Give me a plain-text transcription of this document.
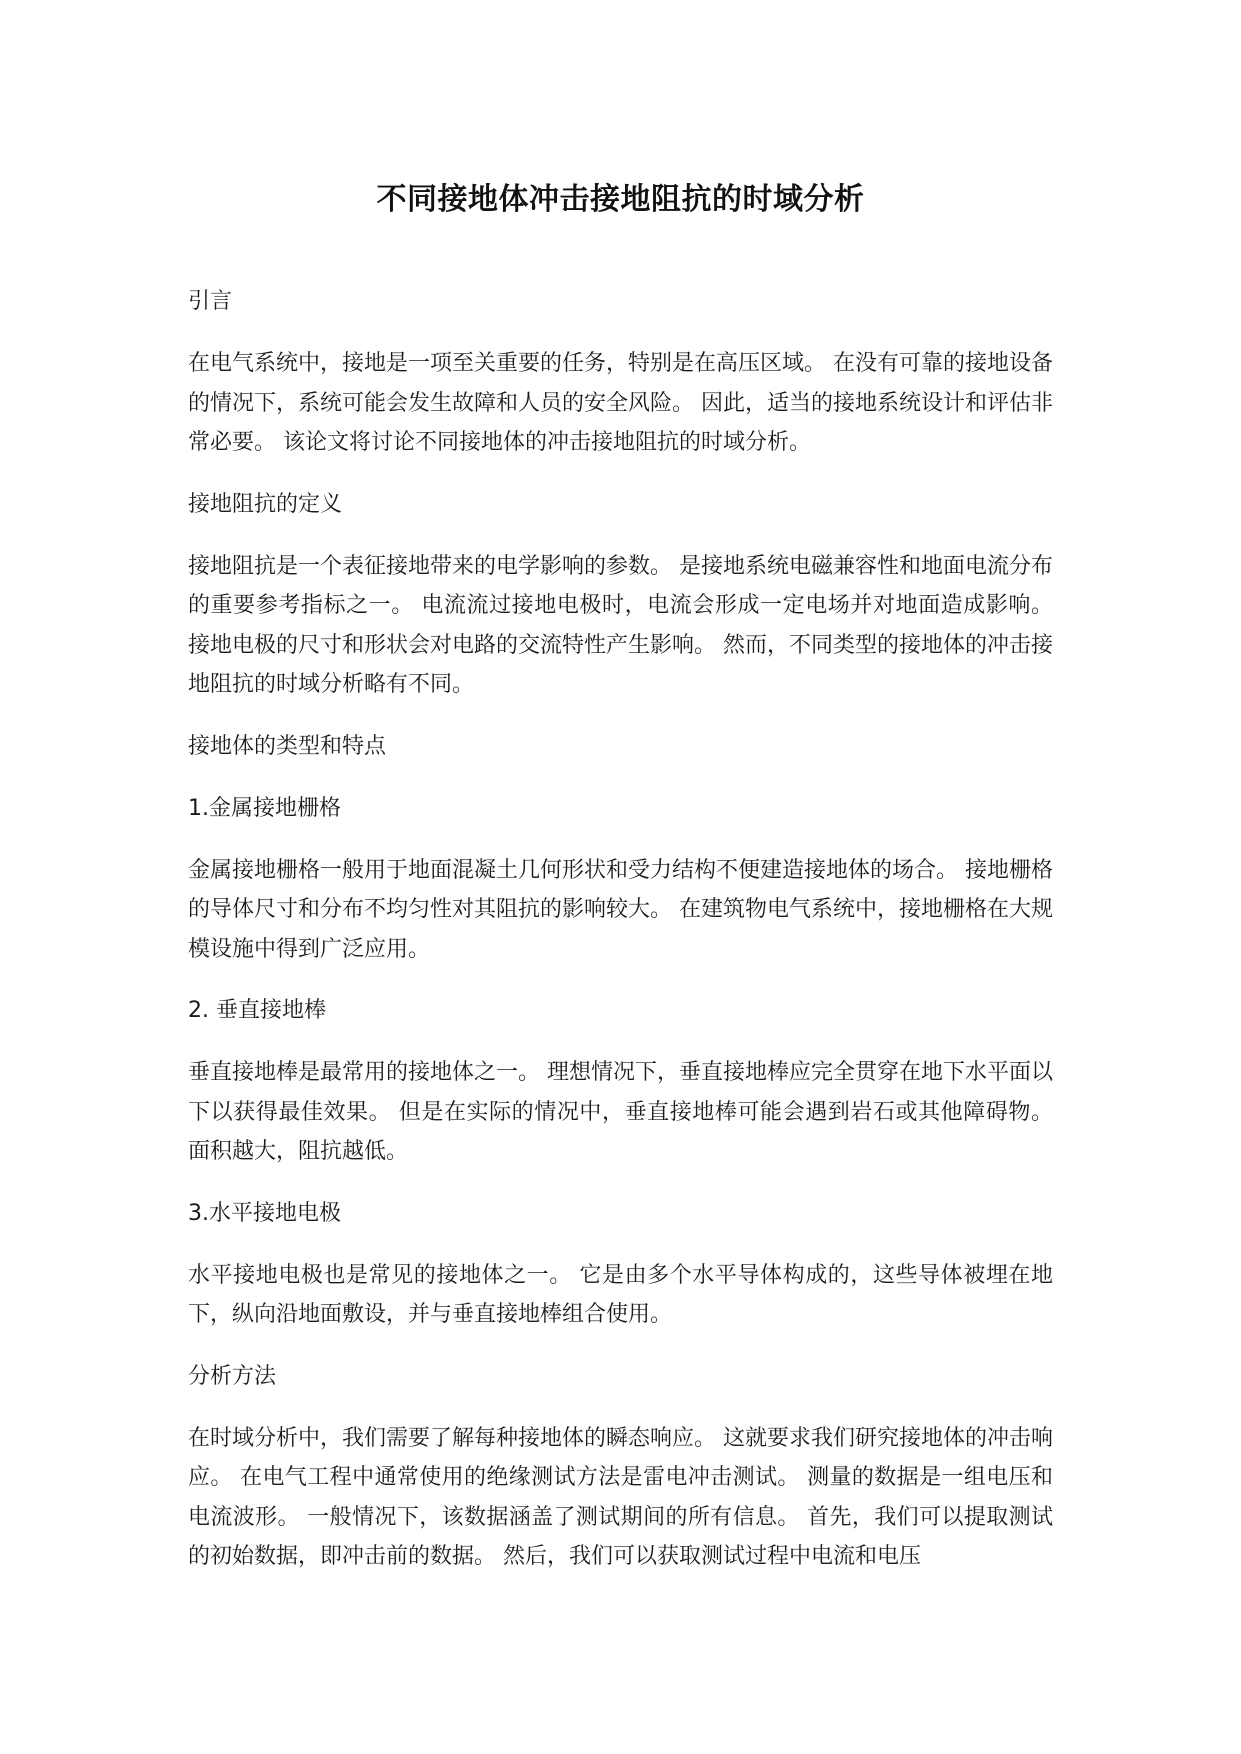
不同接地体冲击接地阻抗的时域分析
引言

在电气系统中，接地是一项至关重要的任务，特别是在高压区域。 在没有可靠的接地设备的情况下，系统可能会发生故障和人员的安全风险。 因此，适当的接地系统设计和评估非常必要。 该论文将讨论不同接地体的冲击接地阻抗的时域分析。

接地阻抗的定义

接地阻抗是一个表征接地带来的电学影响的参数。 是接地系统电磁兼容性和地面电流分布的重要参考指标之一。 电流流过接地电极时，电流会形成一定电场并对地面造成影响。 接地电极的尺寸和形状会对电路的交流特性产生影响。 然而，不同类型的接地体的冲击接地阻抗的时域分析略有不同。

接地体的类型和特点
1.金属接地栅格

金属接地栅格一般用于地面混凝土几何形状和受力结构不便建造接地体的场合。 接地栅格的导体尺寸和分布不均匀性对其阻抗的影响较大。 在建筑物电气系统中，接地栅格在大规模设施中得到广泛应用。

2. 垂直接地棒

垂直接地棒是最常用的接地体之一。 理想情况下，垂直接地棒应完全贯穿在地下水平面以下以获得最佳效果。 但是在实际的情况中，垂直接地棒可能会遇到岩石或其他障碍物。 面积越大，阻抗越低。

3.水平接地电极

水平接地电极也是常见的接地体之一。 它是由多个水平导体构成的，这些导体被埋在地下，纵向沿地面敷设，并与垂直接地棒组合使用。

分析方法

在时域分析中，我们需要了解每种接地体的瞬态响应。 这就要求我们研究接地体的冲击响应。 在电气工程中通常使用的绝缘测试方法是雷电冲击测试。 测量的数据是一组电压和电流波形。 一般情况下，该数据涵盖了测试期间的所有信息。 首先，我们可以提取测试的初始数据，即冲击前的数据。 然后，我们可以获取测试过程中电流和电压
